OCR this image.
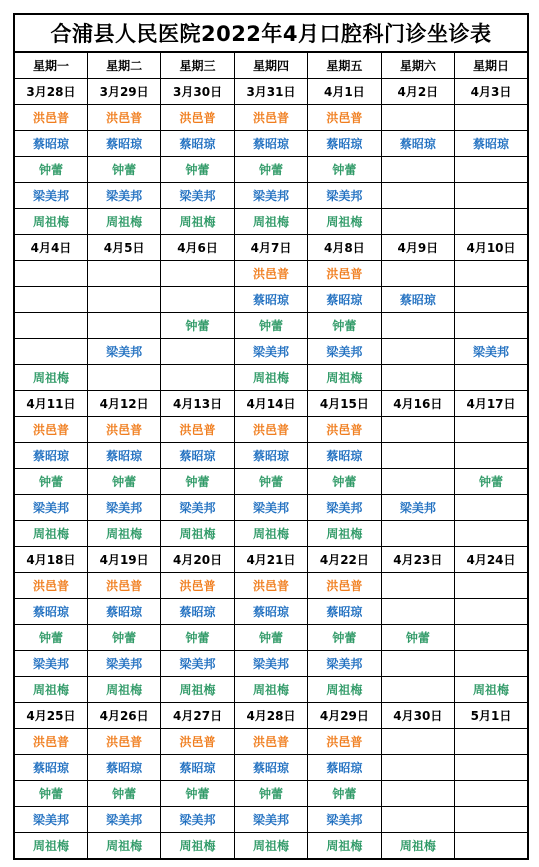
合浦县人民医院2022年4月口腔科门诊坐诊表
星期一	星期二	星期三	星期四	星期五	星期六	星期日
3月28日	3月29日	3月30日	3月31日	4月1日	4月2日	4月3日
洪邑普	洪邑普	洪邑普	洪邑普	洪邑普		
蔡昭琼	蔡昭琼	蔡昭琼	蔡昭琼	蔡昭琼	蔡昭琼	蔡昭琼
钟蕾	钟蕾	钟蕾	钟蕾	钟蕾		
梁美邦	梁美邦	梁美邦	梁美邦	梁美邦		
周祖梅	周祖梅	周祖梅	周祖梅	周祖梅		
4月4日	4月5日	4月6日	4月7日	4月8日	4月9日	4月10日
			洪邑普	洪邑普		
			蔡昭琼	蔡昭琼	蔡昭琼	
		钟蕾	钟蕾	钟蕾		
	梁美邦		梁美邦	梁美邦		梁美邦
周祖梅			周祖梅	周祖梅		
4月11日	4月12日	4月13日	4月14日	4月15日	4月16日	4月17日
洪邑普	洪邑普	洪邑普	洪邑普	洪邑普		
蔡昭琼	蔡昭琼	蔡昭琼	蔡昭琼	蔡昭琼		
钟蕾	钟蕾	钟蕾	钟蕾	钟蕾		钟蕾
梁美邦	梁美邦	梁美邦	梁美邦	梁美邦	梁美邦	
周祖梅	周祖梅	周祖梅	周祖梅	周祖梅		
4月18日	4月19日	4月20日	4月21日	4月22日	4月23日	4月24日
洪邑普	洪邑普	洪邑普	洪邑普	洪邑普		
蔡昭琼	蔡昭琼	蔡昭琼	蔡昭琼	蔡昭琼		
钟蕾	钟蕾	钟蕾	钟蕾	钟蕾	钟蕾	
梁美邦	梁美邦	梁美邦	梁美邦	梁美邦		
周祖梅	周祖梅	周祖梅	周祖梅	周祖梅		周祖梅
4月25日	4月26日	4月27日	4月28日	4月29日	4月30日	5月1日
洪邑普	洪邑普	洪邑普	洪邑普	洪邑普		
蔡昭琼	蔡昭琼	蔡昭琼	蔡昭琼	蔡昭琼		
钟蕾	钟蕾	钟蕾	钟蕾	钟蕾		
梁美邦	梁美邦	梁美邦	梁美邦	梁美邦		
周祖梅	周祖梅	周祖梅	周祖梅	周祖梅	周祖梅	
